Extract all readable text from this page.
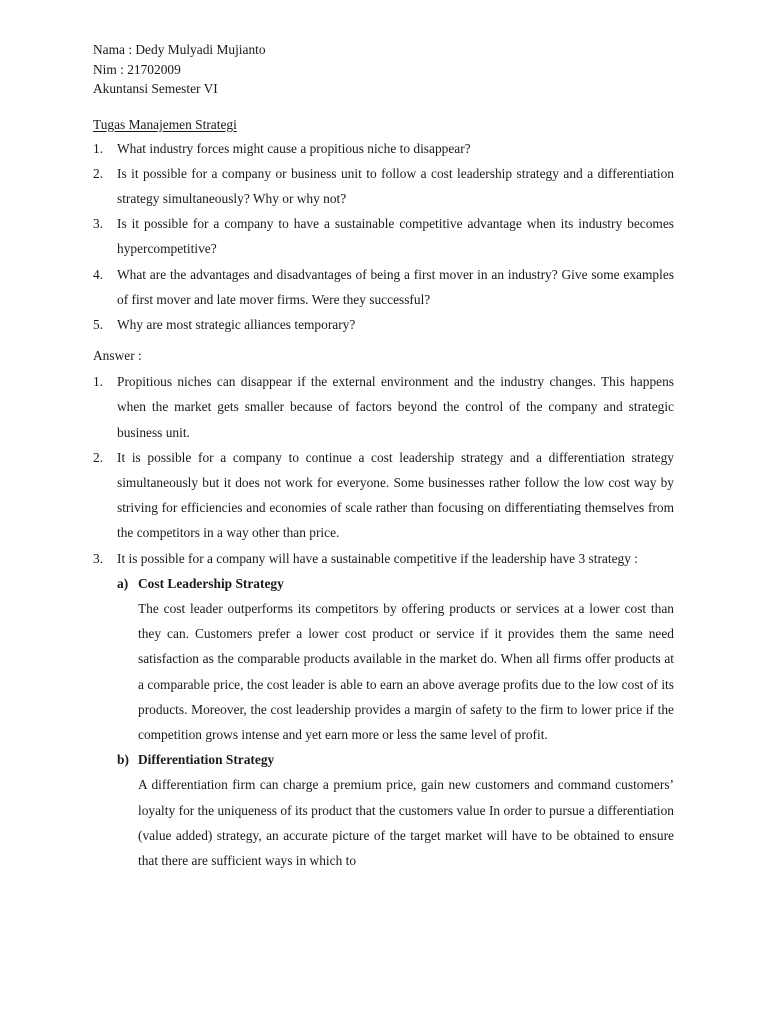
Nama : Dedy Mulyadi Mujianto
Nim : 21702009
Akuntansi Semester VI
Tugas Manajemen Strategi
1. What industry forces might cause a propitious niche to disappear?
2. Is it possible for a company or business unit to follow a cost leadership strategy and a differentiation strategy simultaneously? Why or why not?
3. Is it possible for a company to have a sustainable competitive advantage when its industry becomes hypercompetitive?
4. What are the advantages and disadvantages of being a first mover in an industry? Give some examples of first mover and late mover firms. Were they successful?
5. Why are most strategic alliances temporary?
Answer :
1. Propitious niches can disappear if the external environment and the industry changes. This happens when the market gets smaller because of factors beyond the control of the company and strategic business unit.
2. It is possible for a company to continue a cost leadership strategy and a differentiation strategy simultaneously but it does not work for everyone. Some businesses rather follow the low cost way by striving for efficiencies and economies of scale rather than focusing on differentiating themselves from the competitors in a way other than price.
3. It is possible for a company will have a sustainable competitive if the leadership have 3 strategy :
a) Cost Leadership Strategy
The cost leader outperforms its competitors by offering products or services at a lower cost than they can. Customers prefer a lower cost product or service if it provides them the same need satisfaction as the comparable products available in the market do. When all firms offer products at a comparable price, the cost leader is able to earn an above average profits due to the low cost of its products. Moreover, the cost leadership provides a margin of safety to the firm to lower price if the competition grows intense and yet earn more or less the same level of profit.
b) Differentiation Strategy
A differentiation firm can charge a premium price, gain new customers and command customers’ loyalty for the uniqueness of its product that the customers value In order to pursue a differentiation (value added) strategy, an accurate picture of the target market will have to be obtained to ensure that there are sufficient ways in which to
